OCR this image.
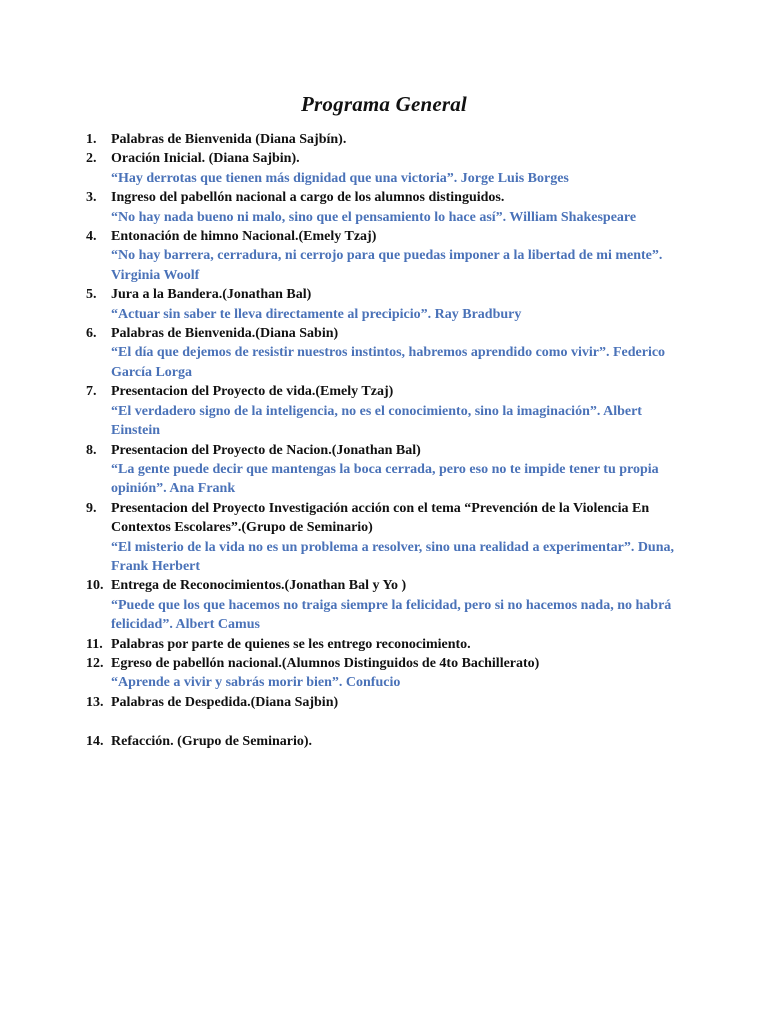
Programa General
1. Palabras de Bienvenida (Diana Sajbín).
2. Oración Inicial. (Diana Sajbin).
“Hay derrotas que tienen más dignidad que una victoria”. Jorge Luis Borges
3. Ingreso del pabellón nacional a cargo de los alumnos distinguidos.
“No hay nada bueno ni malo, sino que el pensamiento lo hace así”. William Shakespeare
4. Entonación de himno Nacional.(Emely Tzaj)
“No hay barrera, cerradura, ni cerrojo para que puedas imponer a la libertad de mi mente”. Virginia Woolf
5. Jura a la Bandera.(Jonathan Bal)
“Actuar sin saber te lleva directamente al precipicio”. Ray Bradbury
6. Palabras de Bienvenida.(Diana Sabin)
“El día que dejemos de resistir nuestros instintos, habremos aprendido como vivir”. Federico García Lorga
7. Presentacion del Proyecto de vida.(Emely Tzaj)
“El verdadero signo de la inteligencia, no es el conocimiento, sino la imaginación”. Albert Einstein
8. Presentacion del Proyecto de Nacion.(Jonathan Bal)
“La gente puede decir que mantengas la boca cerrada, pero eso no te impide tener tu propia opinión”. Ana Frank
9. Presentacion del Proyecto Investigación acción con el tema “Prevención de la Violencia En Contextos Escolares”.(Grupo de Seminario)
“El misterio de la vida no es un problema a resolver, sino una realidad a experimentar”. Duna, Frank Herbert
10. Entrega de Reconocimientos.(Jonathan Bal y Yo )
“Puede que los que hacemos no traiga siempre la felicidad, pero si no hacemos nada, no habrá felicidad”. Albert Camus
11. Palabras por parte de quienes se les entrego reconocimiento.
12. Egreso de pabellón nacional.(Alumnos Distinguidos de 4to Bachillerato)
“Aprende a vivir y sabrás morir bien”. Confucio
13. Palabras de Despedida.(Diana Sajbin)
14. Refacción. (Grupo de Seminario).
